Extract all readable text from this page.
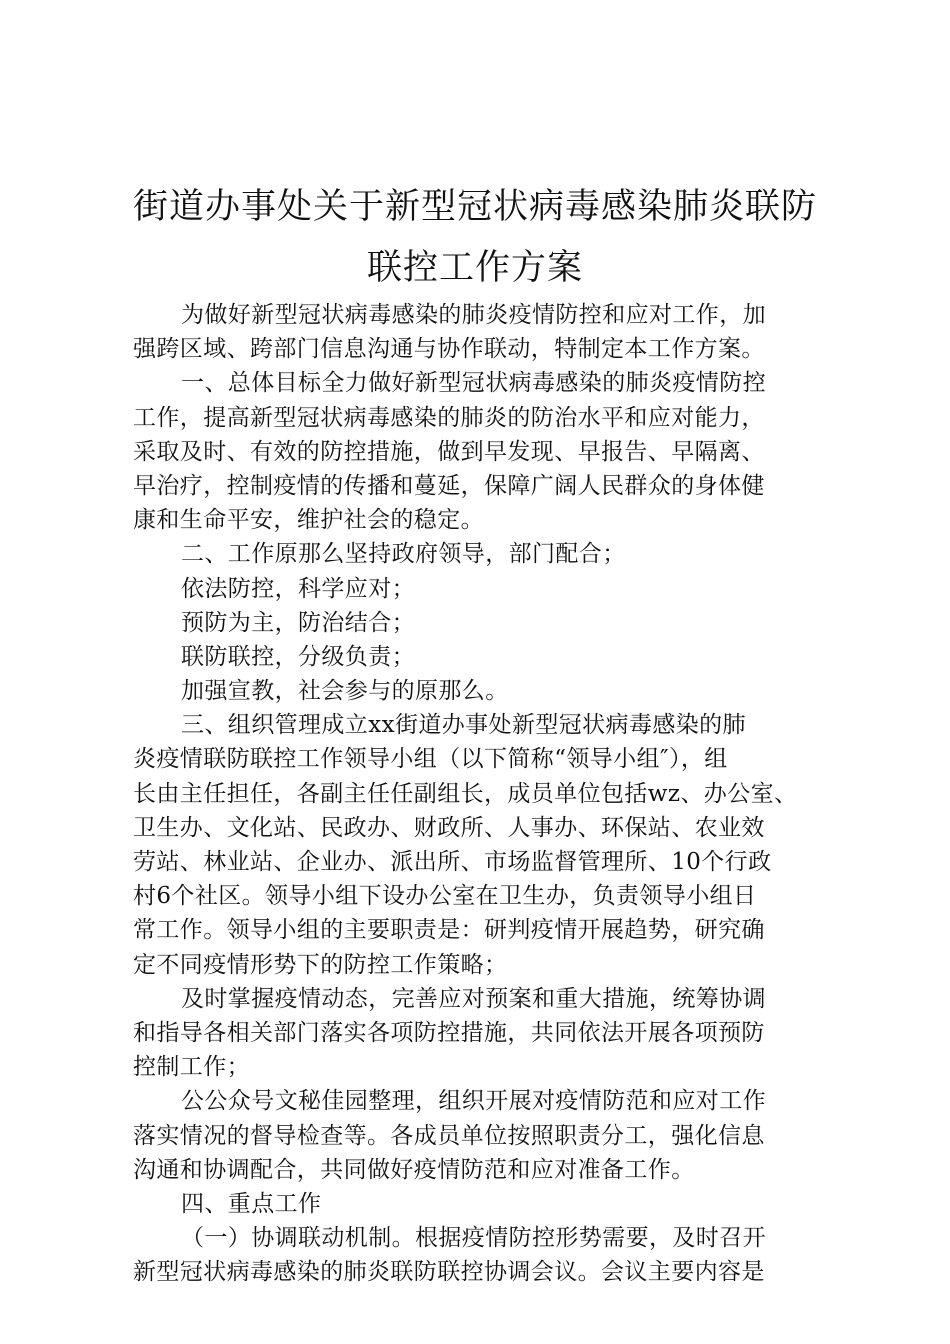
街道办事处关于新型冠状病毒感染肺炎联防
联控工作方案
为做好新型冠状病毒感染的肺炎疫情防控和应对工作，加
强跨区域、跨部门信息沟通与协作联动，特制定本工作方案。
一、总体目标全力做好新型冠状病毒感染的肺炎疫情防控
工作，提高新型冠状病毒感染的肺炎的防治水平和应对能力，
采取及时、有效的防控措施，做到早发现、早报告、早隔离、
早治疗，控制疫情的传播和蔓延，保障广阔人民群众的身体健
康和生命平安，维护社会的稳定。
二、工作原那么坚持政府领导，部门配合；
依法防控，科学应对；
预防为主，防治结合；
联防联控，分级负责；
加强宣教，社会参与的原那么。
三、组织管理成立xx街道办事处新型冠状病毒感染的肺
炎疫情联防联控工作领导小组（以下简称“领导小组″），组
长由主任担任，各副主任任副组长，成员单位包括wz、办公室、
卫生办、文化站、民政办、财政所、人事办、环保站、农业效
劳站、林业站、企业办、派出所、市场监督管理所、10个行政
村6个社区。领导小组下设办公室在卫生办，负责领导小组日
常工作。领导小组的主要职责是：研判疫情开展趋势，研究确
定不同疫情形势下的防控工作策略；
及时掌握疫情动态，完善应对预案和重大措施，统筹协调
和指导各相关部门落实各项防控措施，共同依法开展各项预防
控制工作；
公公众号文秘佳园整理，组织开展对疫情防范和应对工作
落实情况的督导检查等。各成员单位按照职责分工，强化信息
沟通和协调配合，共同做好疫情防范和应对准备工作。
四、重点工作
（一）协调联动机制。根据疫情防控形势需要，及时召开
新型冠状病毒感染的肺炎联防联控协调会议。会议主要内容是
